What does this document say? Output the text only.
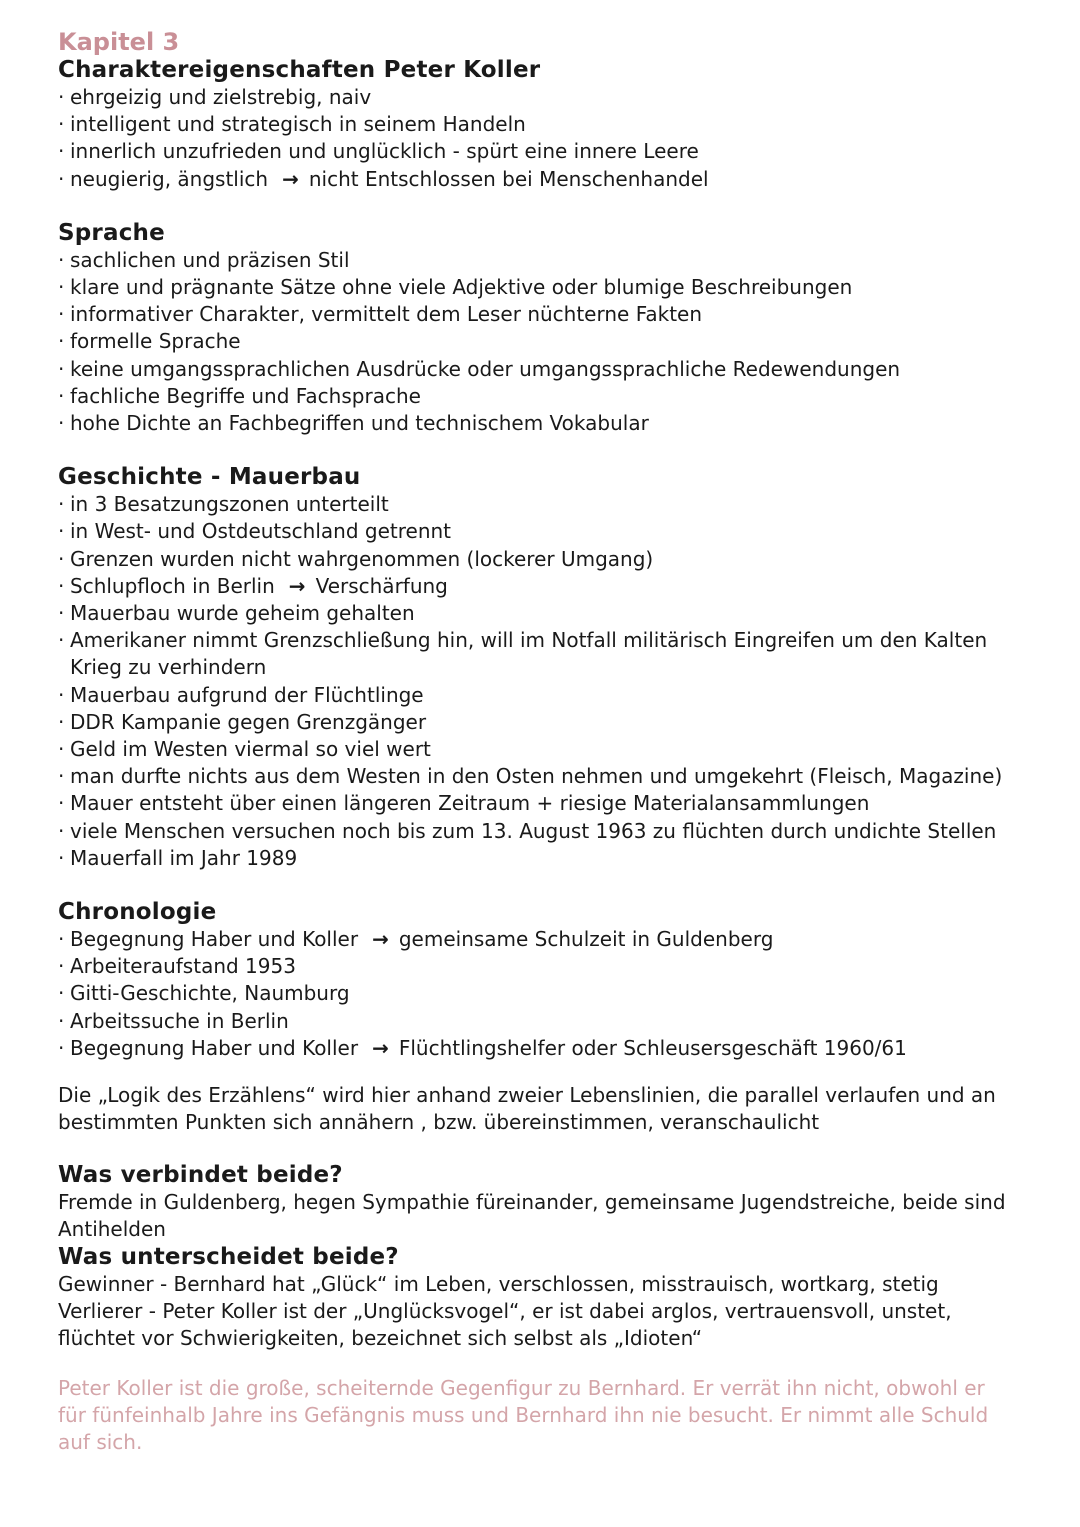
Kapitel 3
Charaktereigenschaften Peter Koller
· ehrgeizig und zielstrebig, naiv
· intelligent und strategisch in seinem Handeln
· innerlich unzufrieden und unglücklich - spürt eine innere Leere
· neugierig, ängstlich → nicht Entschlossen bei Menschenhandel
Sprache
· sachlichen und präzisen Stil
· klare und prägnante Sätze ohne viele Adjektive oder blumige Beschreibungen
· informativer Charakter, vermittelt dem Leser nüchterne Fakten
· formelle Sprache
· keine umgangssprachlichen Ausdrücke oder umgangssprachliche Redewendungen
· fachliche Begriffe und Fachsprache
· hohe Dichte an Fachbegriffen und technischem Vokabular
Geschichte - Mauerbau
· in 3 Besatzungszonen unterteilt
· in West- und Ostdeutschland getrennt
· Grenzen wurden nicht wahrgenommen (lockerer Umgang)
· Schlupfloch in Berlin → Verschärfung
· Mauerbau wurde geheim gehalten
· Amerikaner nimmt Grenzschließung hin, will im Notfall militärisch Eingreifen um den Kalten Krieg zu verhindern
· Mauerbau aufgrund der Flüchtlinge
· DDR Kampanie gegen Grenzgänger
· Geld im Westen viermal so viel wert
· man durfte nichts aus dem Westen in den Osten nehmen und umgekehrt (Fleisch, Magazine)
· Mauer entsteht über einen längeren Zeitraum + riesige Materialansammlungen
· viele Menschen versuchen noch bis zum 13. August 1963 zu flüchten durch undichte Stellen
· Mauerfall im Jahr 1989
Chronologie
· Begegnung Haber und Koller → gemeinsame Schulzeit in Guldenberg
· Arbeiteraufstand 1953
· Gitti-Geschichte, Naumburg
· Arbeitssuche in Berlin
· Begegnung Haber und Koller → Flüchtlingshelfer oder Schleusersgeschäft 1960/61

Die „Logik des Erzählens“ wird hier anhand zweier Lebenslinien, die parallel verlaufen und an bestimmten Punkten sich annähern , bzw. übereinstimmen, veranschaulicht

Was verbindet beide?

Fremde in Guldenberg, hegen Sympathie füreinander, gemeinsame Jugendstreiche, beide sind Antihelden

Was unterscheidet beide?

Gewinner - Bernhard hat „Glück“ im Leben, verschlossen, misstrauisch, wortkarg, stetig

Verlierer - Peter Koller ist der „Unglücksvogel“, er ist dabei arglos, vertrauensvoll, unstet, flüchtet vor Schwierigkeiten, bezeichnet sich selbst als „Idioten“

Peter Koller ist die große, scheiternde Gegenfigur zu Bernhard. Er verrät ihn nicht, obwohl er für fünfeinhalb Jahre ins Gefängnis muss und Bernhard ihn nie besucht. Er nimmt alle Schuld auf sich.
